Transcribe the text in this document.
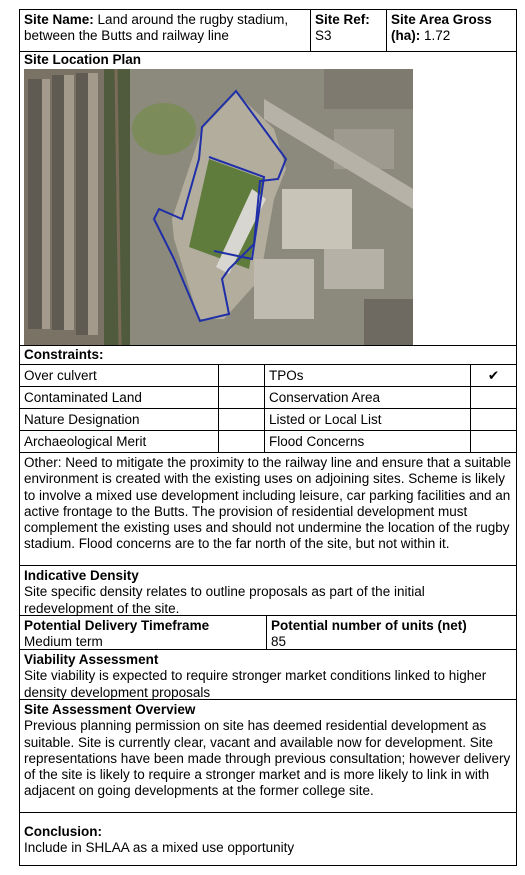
Site Name: Land around the rugby stadium, between the Butts and railway line
Site Ref:
S3
Site Area Gross (ha): 1.72
Site Location Plan
Constraints:
Over culvert	TPOs	✔
Contaminated Land	Conservation Area
Nature Designation	Listed or Local List
Archaeological Merit	Flood Concerns
Other: Need to mitigate the proximity to the railway line and ensure that a suitable environment is created with the existing uses on adjoining sites. Scheme is likely to involve a mixed use development including leisure, car parking facilities and an active frontage to the Butts. The provision of residential development must complement the existing uses and should not undermine the location of the rugby stadium. Flood concerns are to the far north of the site, but not within it.
Indicative Density
Site specific density relates to outline proposals as part of the initial redevelopment of the site.
Potential Delivery Timeframe
Medium term
Potential number of units (net)
85
Viability Assessment
Site viability is expected to require stronger market conditions linked to higher density development proposals
Site Assessment Overview
Previous planning permission on site has deemed residential development as suitable. Site is currently clear, vacant and available now for development. Site representations have been made through previous consultation; however delivery of the site is likely to require a stronger market and is more likely to link in with adjacent on going developments at the former college site.
Conclusion:
Include in SHLAA as a mixed use opportunity
